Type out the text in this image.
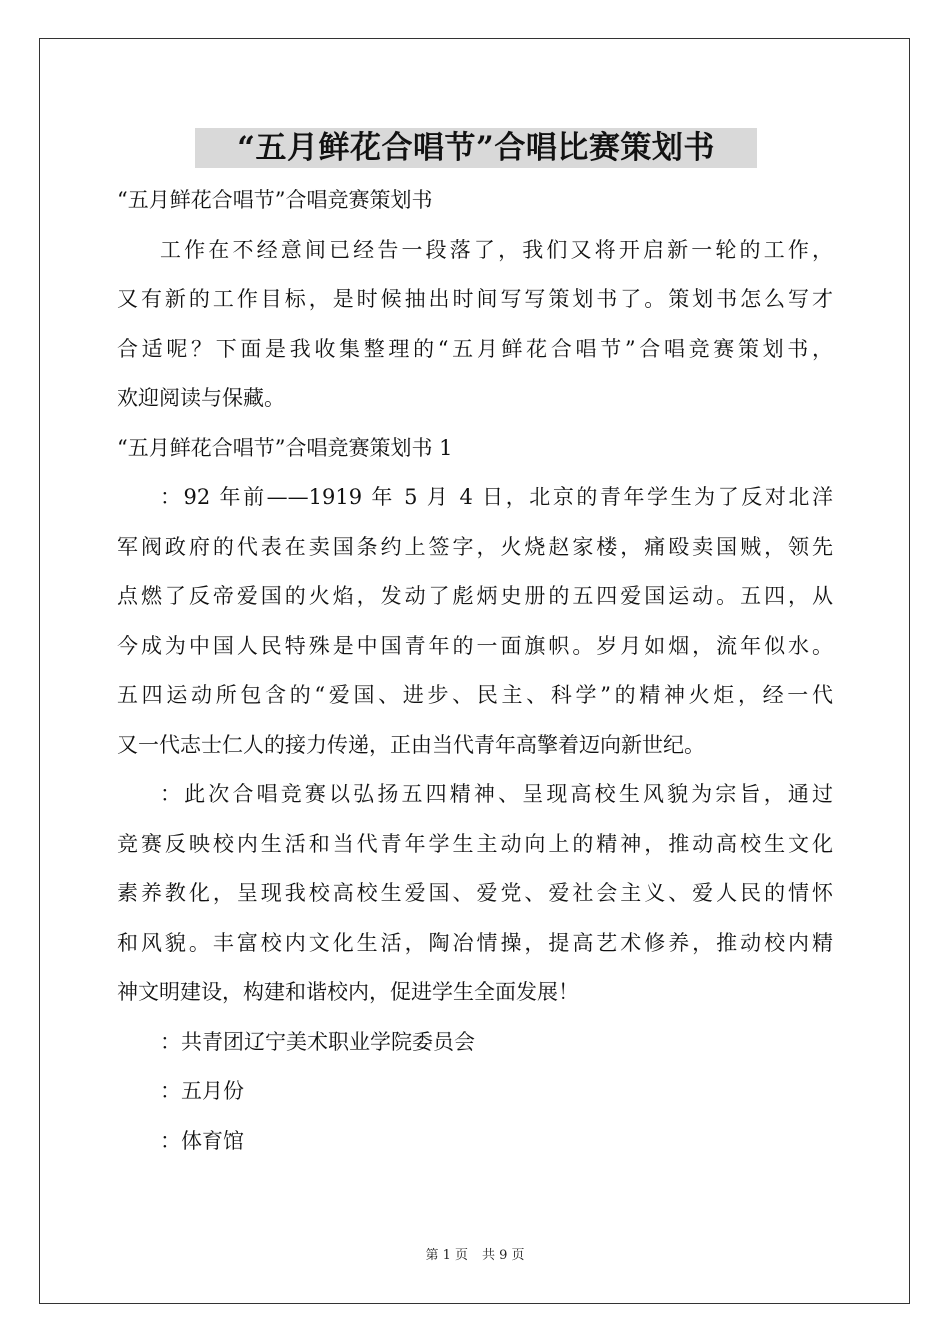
“五月鲜花合唱节”合唱比赛策划书
“五月鲜花合唱节”合唱竞赛策划书
工作在不经意间已经告一段落了，我们又将开启新一轮的工作，
又有新的工作目标，是时候抽出时间写写策划书了。策划书怎么写才
合适呢？下面是我收集整理的“五月鲜花合唱节”合唱竞赛策划书，
欢迎阅读与保藏。
“五月鲜花合唱节”合唱竞赛策划书 1
：92 年前——1919 年 5 月 4 日，北京的青年学生为了反对北洋
军阀政府的代表在卖国条约上签字，火烧赵家楼，痛殴卖国贼，领先
点燃了反帝爱国的火焰，发动了彪炳史册的五四爱国运动。五四，从
今成为中国人民特殊是中国青年的一面旗帜。岁月如烟，流年似水。
五四运动所包含的“爱国、进步、民主、科学”的精神火炬，经一代
又一代志士仁人的接力传递，正由当代青年高擎着迈向新世纪。
：此次合唱竞赛以弘扬五四精神、呈现高校生风貌为宗旨，通过
竞赛反映校内生活和当代青年学生主动向上的精神，推动高校生文化
素养教化，呈现我校高校生爱国、爱党、爱社会主义、爱人民的情怀
和风貌。丰富校内文化生活，陶冶情操，提高艺术修养，推动校内精
神文明建设，构建和谐校内，促进学生全面发展！
：共青团辽宁美术职业学院委员会
：五月份
：体育馆
第 1 页 共 9 页
